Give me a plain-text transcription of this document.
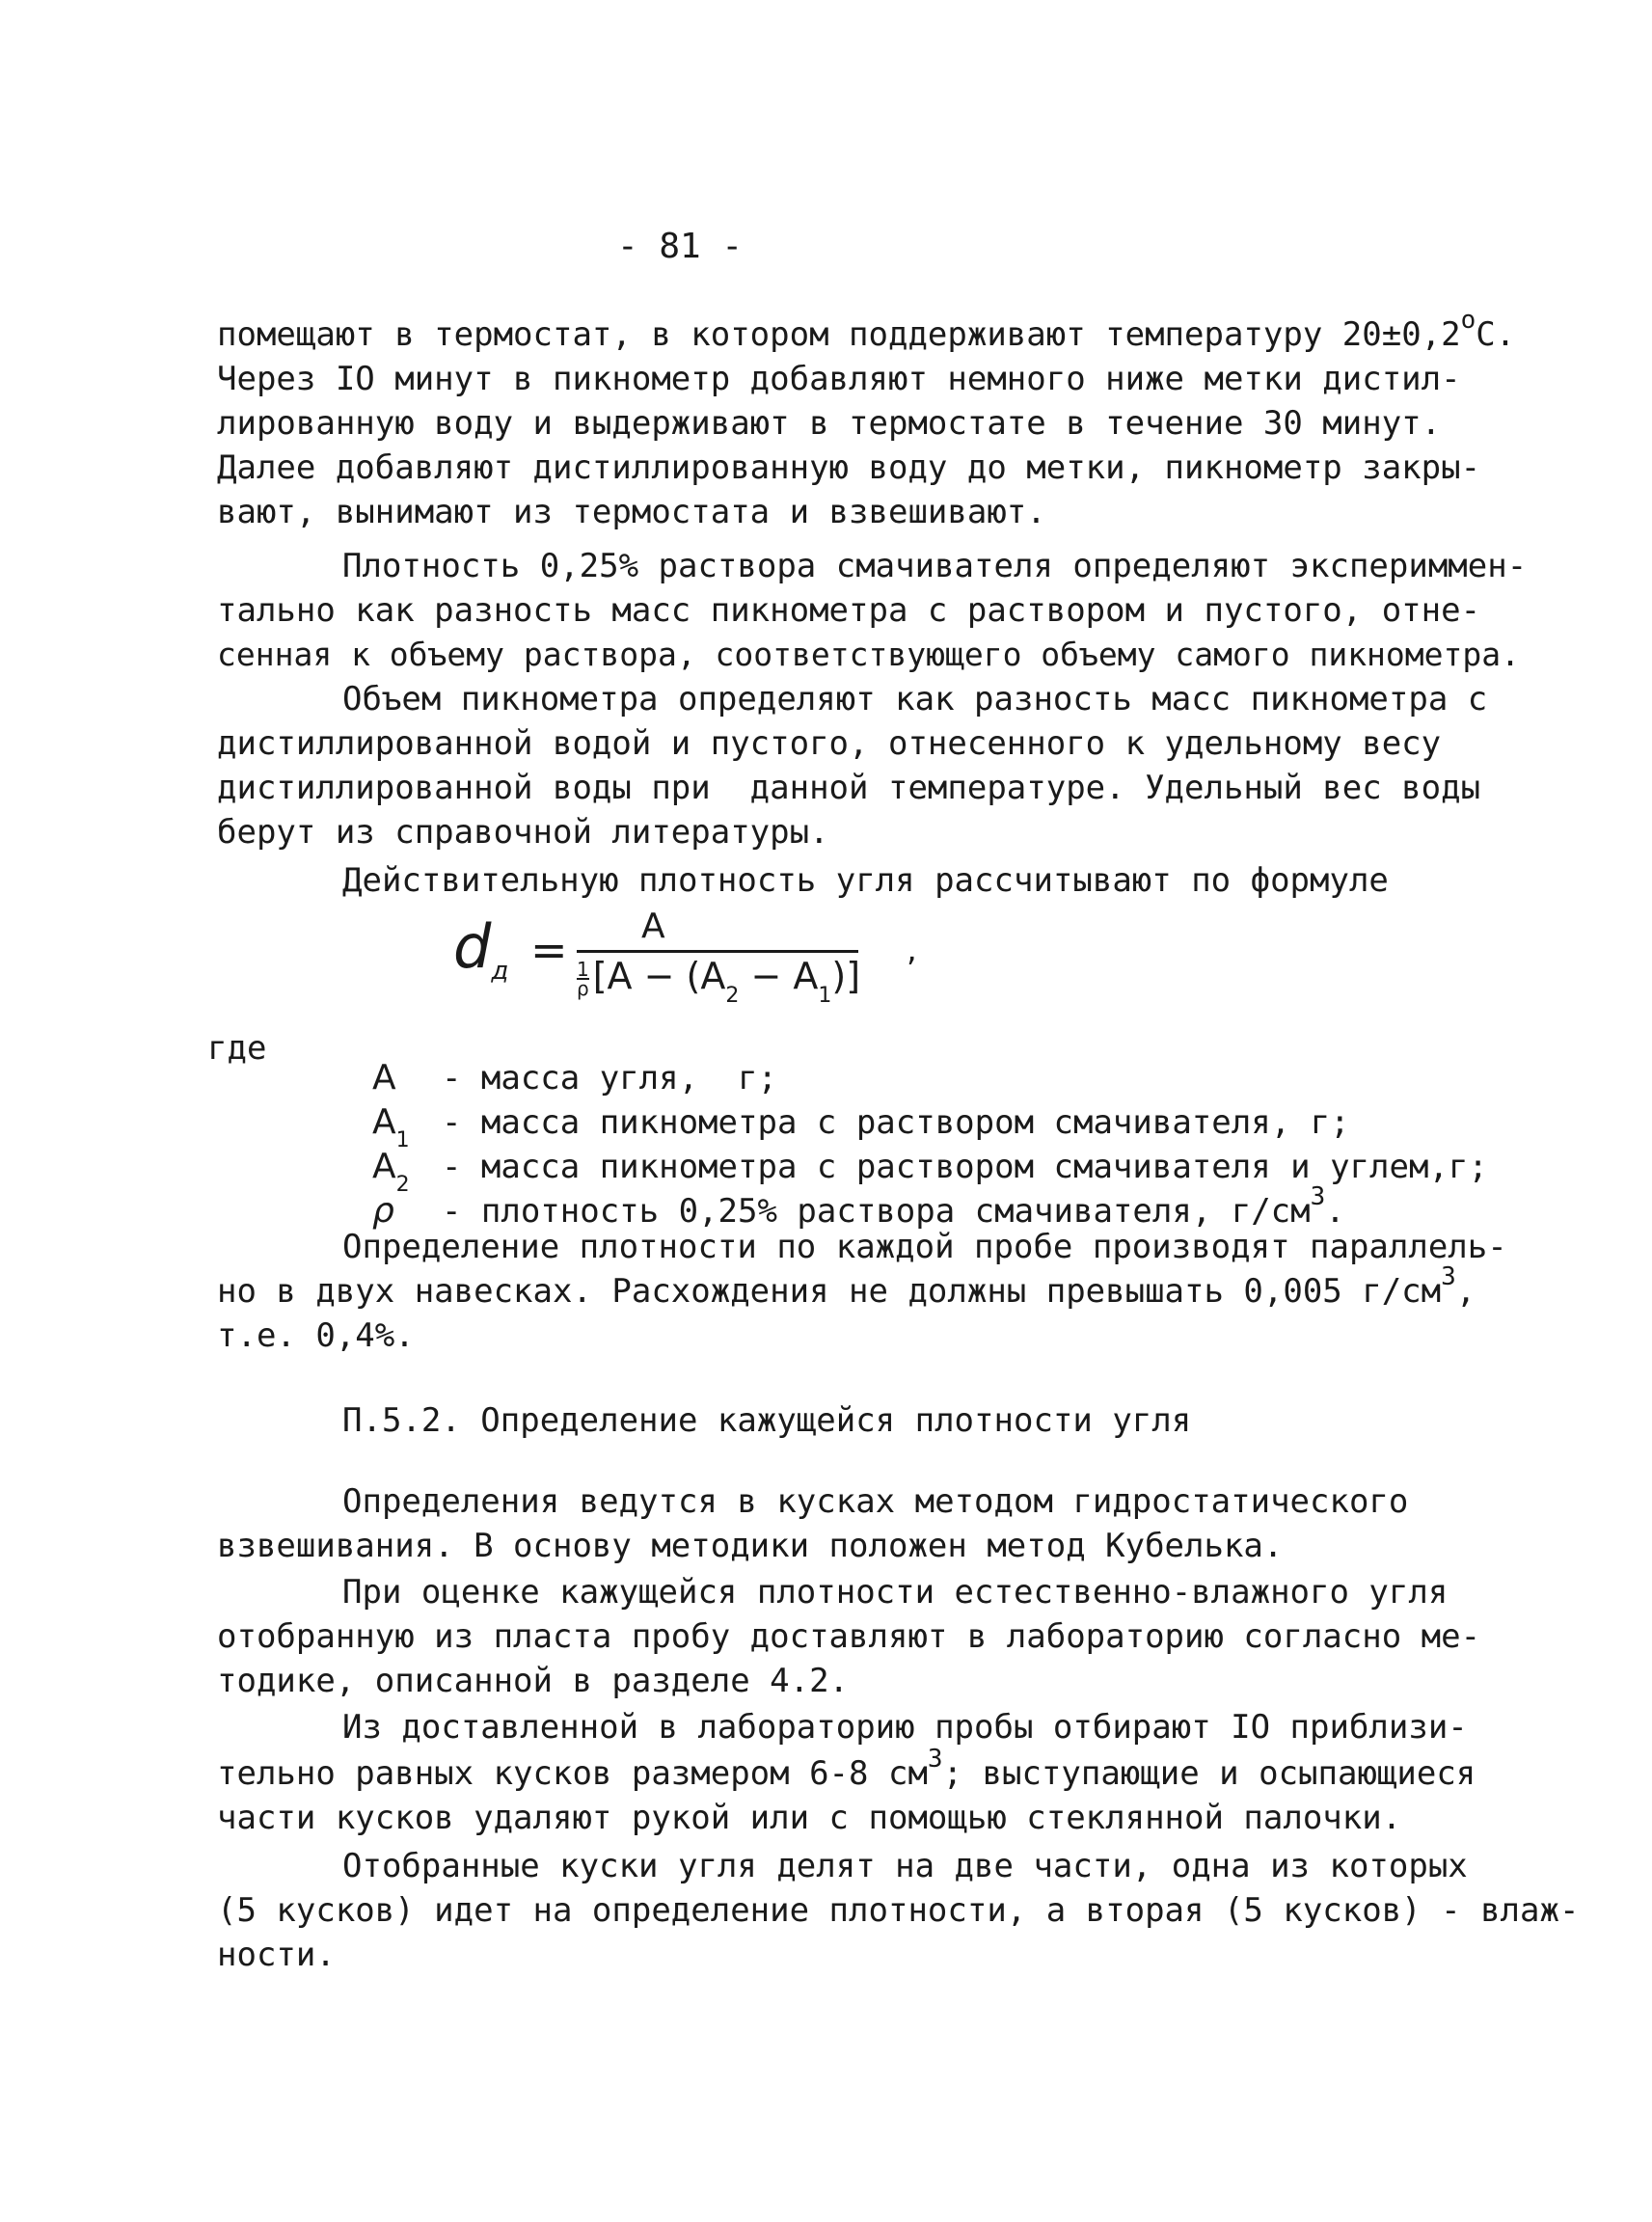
- 81 -
помещают в термостат, в котором поддерживают температуру $20\pm 0,2^oC$.
Через IO минут в пикнометр добавляют немного ниже метки дистил-
лированную воду и выдерживают в термостате в течение 30 минут.
Далее добавляют дистиллированную воду до метки, пикнометр закры-
вают, вынимают из термостата и взвешивают.
Плотность 0,25% раствора смачивателя определяют экспериммен-
тально как разность масс пикнометра с раствором и пустого, отне-
сенная к объему раствора, соответствующего объему самого пикнометра.
Объем пикнометра определяют как разность масс пикнометра с
дистиллированной водой и пустого, отнесенного к удельному весу
дистиллированной воды при  данной температуре. Удельный вес воды
берут из справочной литературы.
Действительную плотность угля рассчитывают по формуле
dд = A
$\frac{1}{\rho} [A - (A_2 - A_1)]$
,
где

A - масса угля,  г;

$A_1$ - масса пикнометра с раствором смачивателя, г;

$A_2$ - масса пикнометра с раствором смачивателя и углем,г;

ρ - плотность 0,25% раствора смачивателя, $г/см^3$.

Определение плотности по каждой пробе производят параллель-
но в двух навесках. Расхождения не должны превышать 0,005 $г/см^3$,
т.е. 0,4%.
П.5.2. Определение кажущейся плотности угля
Определения ведутся в кусках методом гидростатического
взвешивания. В основу методики положен метод Кубелька.
При оценке кажущейся плотности естественно-влажного угля
отобранную из пласта пробу доставляют в лабораторию согласно ме-
тодике, описанной в разделе 4.2.
Из доставленной в лабораторию пробы отбирают IO приблизи-
тельно равных кусков размером 6-8 $см^3$; выступающие и осыпающиеся
части кусков удаляют рукой или с помощью стеклянной палочки.
Отобранные куски угля делят на две части, одна из которых
(5 кусков) идет на определение плотности, а вторая (5 кусков) - влаж-
ности.
